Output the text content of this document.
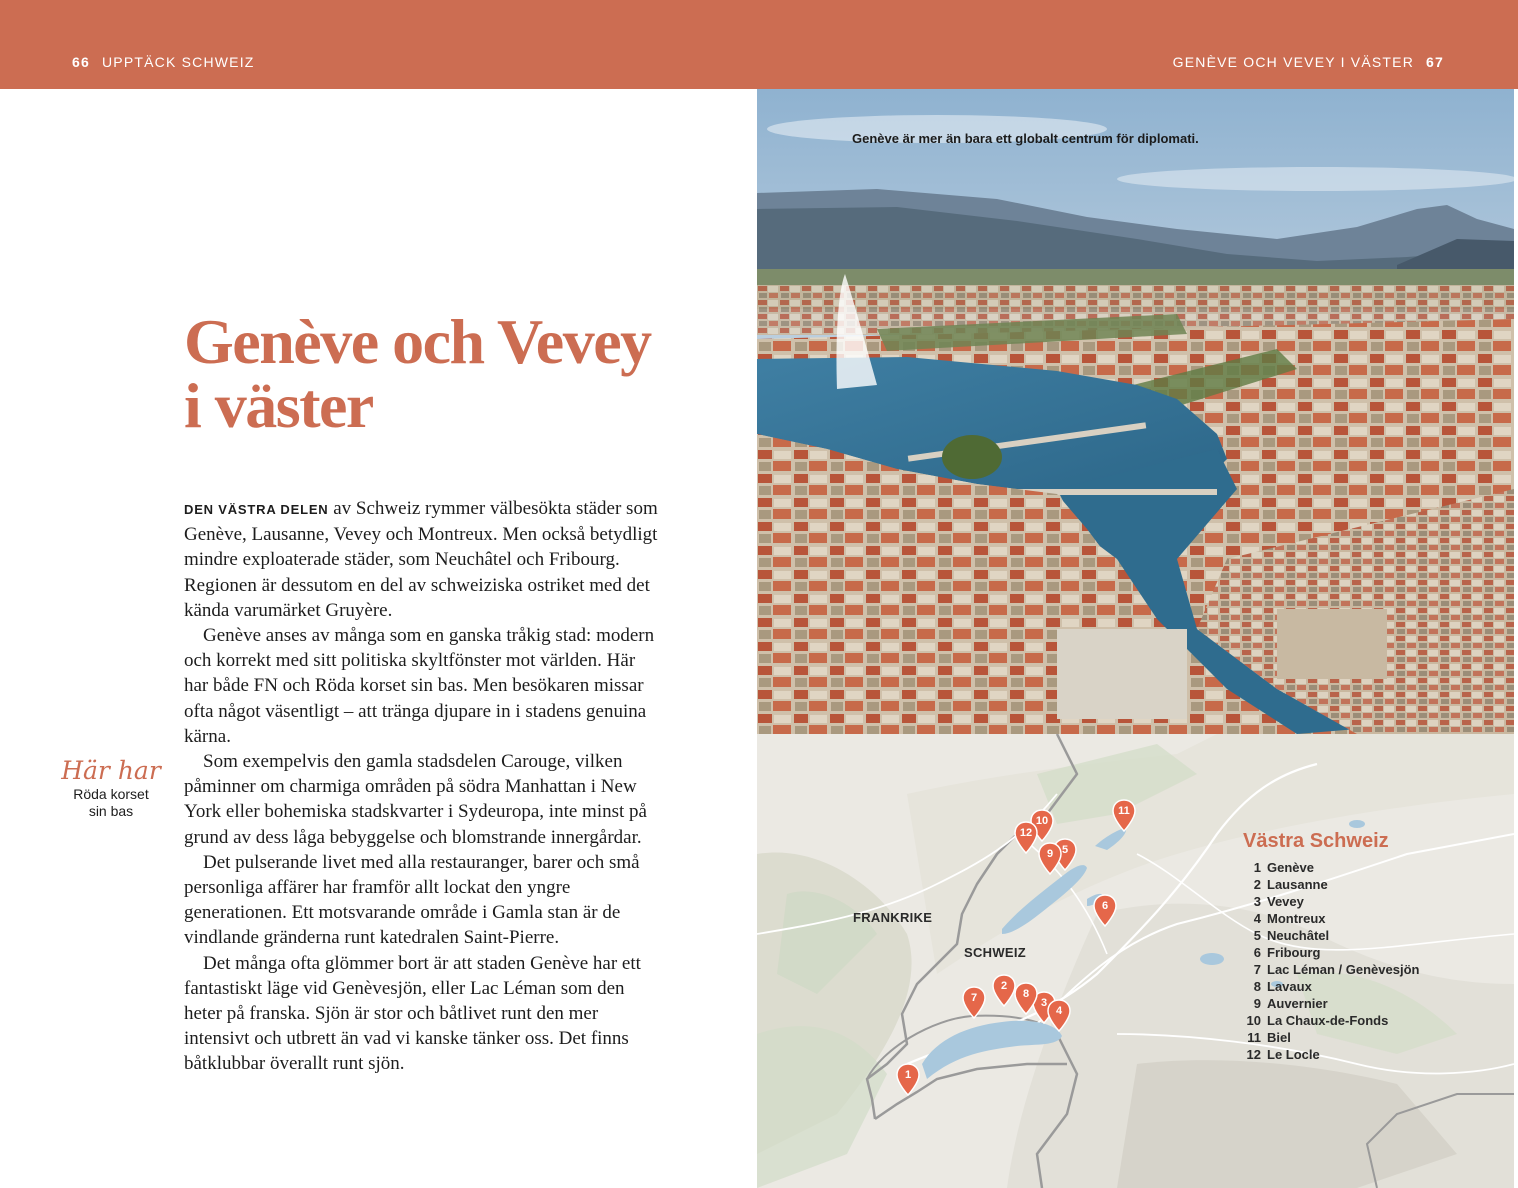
66 UPPTÄCK SCHWEIZ	GENÈVE OCH VEVEY I VÄSTER 67
Genève och Vevey
i väster

DEN VÄSTRA DELEN av Schweiz rymmer välbesökta städer som Genève, Lausanne, Vevey och Montreux. Men också betydligt mindre exploaterade städer, som Neuchâtel och Fribourg. Regionen är dessutom en del av schweiziska ostriket med det kända varumärket Gruyère.

Genève anses av många som en ganska tråkig stad: modern och korrekt med sitt politiska skyltfönster mot världen. Här har både FN och Röda korset sin bas. Men besökaren missar ofta något väsentligt – att tränga djupare in i stadens genuina kärna.

Som exempelvis den gamla stadsdelen Carouge, vilken påminner om charmiga områden på södra Manhattan i New York eller bohemiska stadskvarter i Sydeuropa, inte minst på grund av dess låga bebyggelse och blomstrande innergårdar.

Det pulserande livet med alla restauranger, barer och små personliga affärer har framför allt lockat den yngre generationen. Ett motsvarande område i Gamla stan är de vindlande gränderna runt katedralen Saint-Pierre.

Det många ofta glömmer bort är att staden Genève har ett fantastiskt läge vid Genèvesjön, eller Lac Léman som den heter på franska. Sjön är stor och båtlivet runt den mer intensivt och utbrett än vad vi kanske tänker oss. Det finns båtklubbar överallt runt sjön.

Här har
Röda korset
sin bas
Genève är mer än bara ett globalt centrum för diplomati.
FRANKRIKE
SCHWEIZ
1
2
3
4
5
6
7	8
9
10
11
12	Västra Schweiz
1 Genève
2 Lausanne
3 Vevey
4 Montreux
5 Neuchâtel
6 Fribourg
7 Lac Léman / Genèvesjön
8 Lavaux
9 Auvernier
10 La Chaux-de-Fonds
11 Biel
12 Le Locle
